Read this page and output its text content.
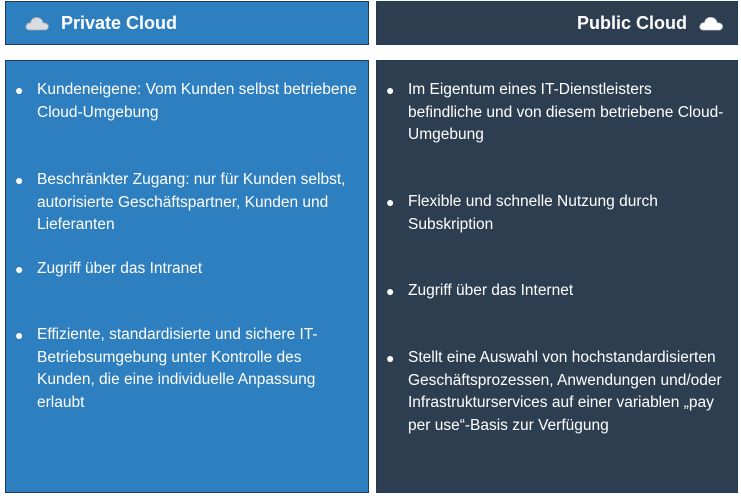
Private Cloud	Public Cloud
● Kundeneigene: Vom Kunden selbst betriebene Cloud-Umgebung
● Beschränkter Zugang: nur für Kunden selbst, autorisierte Geschäftspartner, Kunden und Lieferanten
● Zugriff über das Intranet
● Effiziente, standardisierte und sichere IT-Betriebsumgebung unter Kontrolle des Kunden, die eine individuelle Anpassung erlaubt
● Im Eigentum eines IT-Dienstleisters befindliche und von diesem betriebene Cloud-Umgebung
● Flexible und schnelle Nutzung durch Subskription
● Zugriff über das Internet
● Stellt eine Auswahl von hochstandardisierten Geschäftsprozessen, Anwendungen und/oder Infrastrukturservices auf einer variablen „pay per use“-Basis zur Verfügung
